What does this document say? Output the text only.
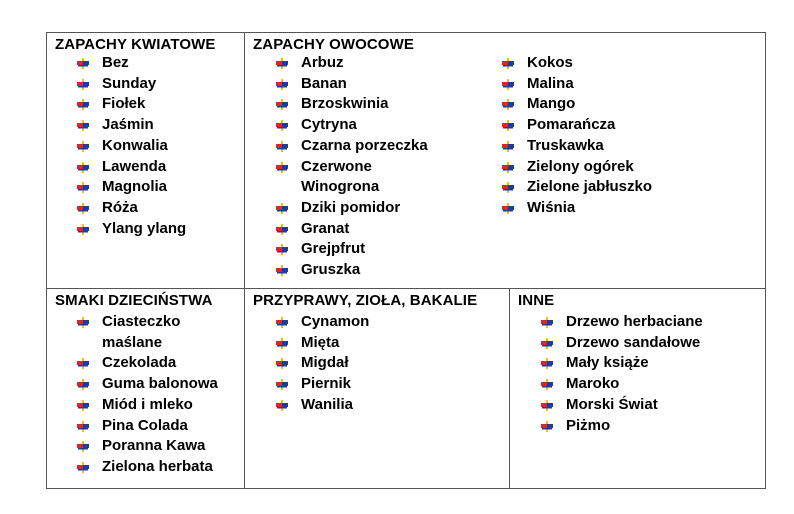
ZAPACHY KWIATOWE
Bez
Sunday
Fiołek
Jaśmin
Konwalia
Lawenda
Magnolia
Róża
Ylang ylang
ZAPACHY OWOCOWE
Arbuz
Banan
Brzoskwinia
Cytryna
Czarna porzeczka
Czerwone
Winogrona
Dziki pomidor
Granat
Grejpfrut
Gruszka
Kokos
Malina
Mango
Pomarańcza
Truskawka
Zielony ogórek
Zielone jabłuszko
Wiśnia
SMAKI DZIECIŃSTWA
Ciasteczko
maślane
Czekolada
Guma balonowa
Miód i mleko
Pina Colada
Poranna Kawa
Zielona herbata
PRZYPRAWY, ZIOŁA, BAKALIE
Cynamon
Mięta
Migdał
Piernik
Wanilia
INNE
Drzewo herbaciane
Drzewo sandałowe
Mały książe
Maroko
Morski Świat
Piżmo
